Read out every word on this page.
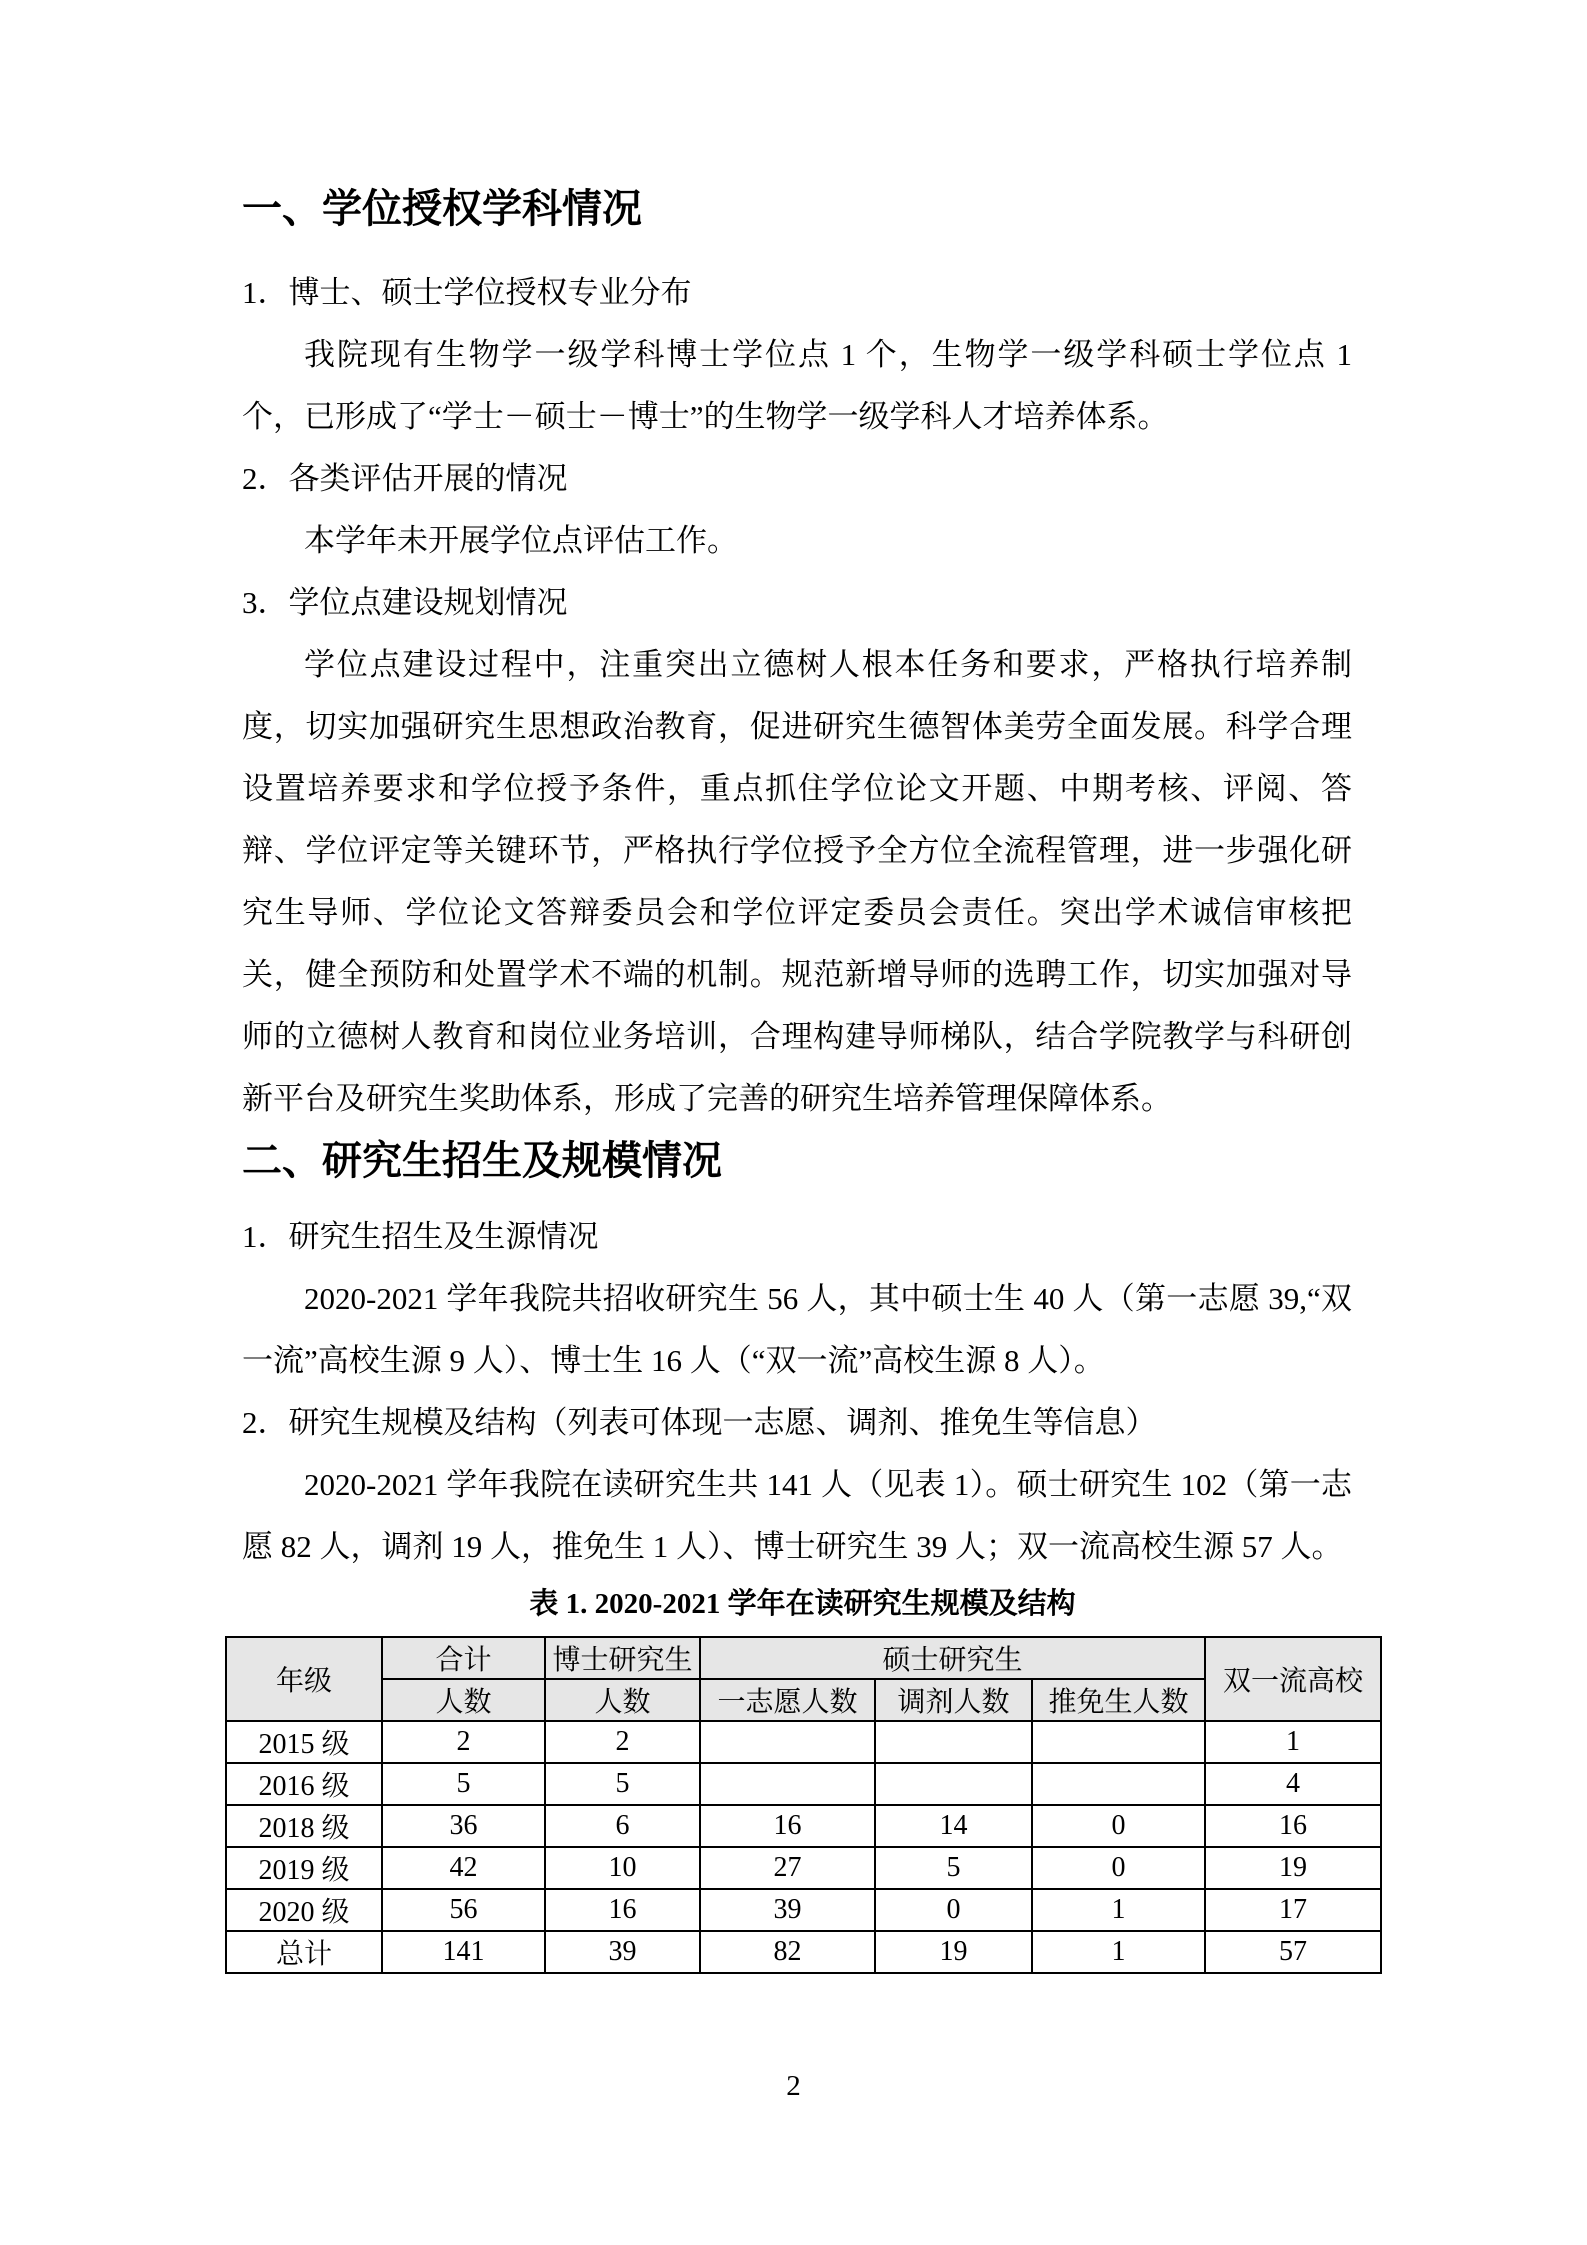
一、学位授权学科情况
1．博士、硕士学位授权专业分布

我院现有生物学一级学科博士学位点 1 个，生物学一级学科硕士学位点 1 个，已形成了“学士－硕士－博士”的生物学一级学科人才培养体系。

2．各类评估开展的情况

本学年未开展学位点评估工作。

3．学位点建设规划情况

学位点建设过程中，注重突出立德树人根本任务和要求，严格执行培养制度，切实加强研究生思想政治教育，促进研究生德智体美劳全面发展。科学合理设置培养要求和学位授予条件，重点抓住学位论文开题、中期考核、评阅、答辩、学位评定等关键环节，严格执行学位授予全方位全流程管理，进一步强化研究生导师、学位论文答辩委员会和学位评定委员会责任。突出学术诚信审核把关，健全预防和处置学术不端的机制。规范新增导师的选聘工作，切实加强对导师的立德树人教育和岗位业务培训，合理构建导师梯队，结合学院教学与科研创新平台及研究生奖助体系，形成了完善的研究生培养管理保障体系。

二、研究生招生及规模情况
1．研究生招生及生源情况

2020-2021 学年我院共招收研究生 56 人，其中硕士生 40 人（第一志愿 39,“双一流”高校生源 9 人）、博士生 16 人（“双一流”高校生源 8 人）。

2．研究生规模及结构（列表可体现一志愿、调剂、推免生等信息）

2020-2021 学年我院在读研究生共 141 人（见表 1）。硕士研究生 102（第一志愿 82 人，调剂 19 人，推免生 1 人）、博士研究生 39 人；双一流高校生源 57 人。

表 1. 2020-2021 学年在读研究生规模及结构
年级	合计	博士研究生	硕士研究生			双一流高校
	人数	人数	一志愿人数	调剂人数	推免生人数	
2015 级	2	2				1
2016 级	5	5				4
2018 级	36	6	16	14	0	16
2019 级	42	10	27	5	0	19
2020 级	56	16	39	0	1	17
总计	141	39	82	19	1	57
2
